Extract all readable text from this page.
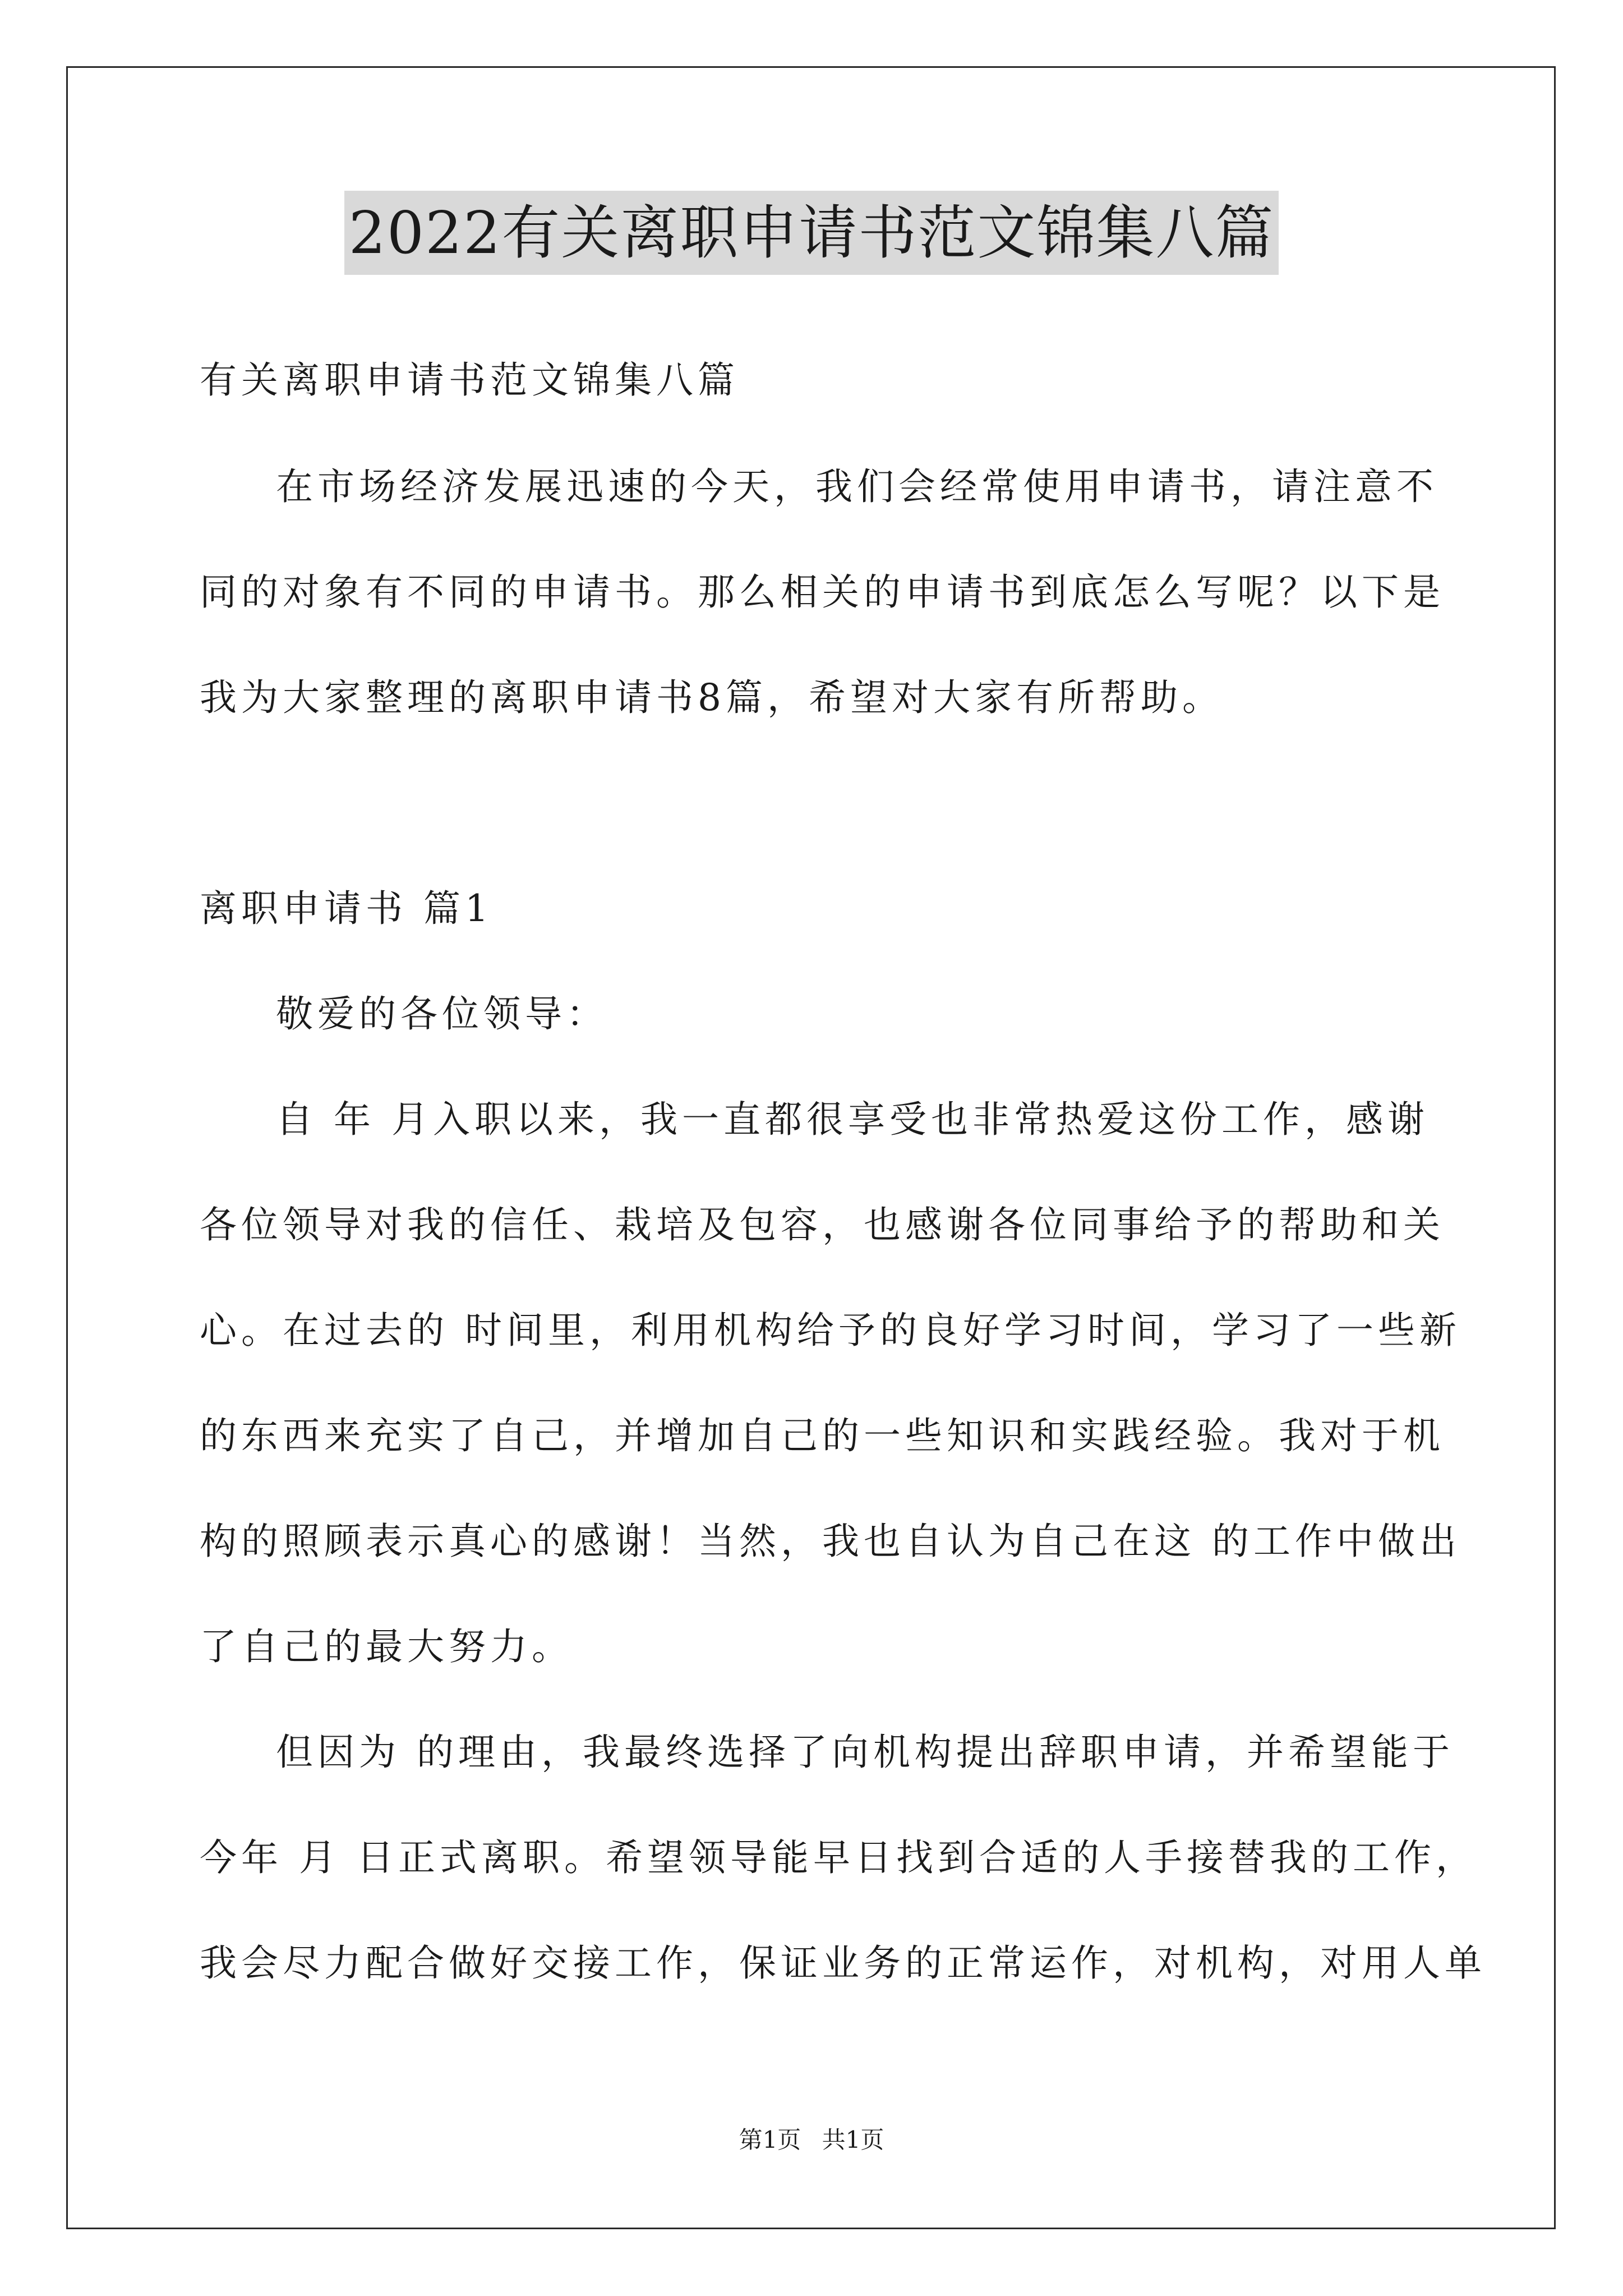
2022有关离职申请书范文锦集八篇
有关离职申请书范文锦集八篇
在市场经济发展迅速的今天，我们会经常使用申请书，请注意不
同的对象有不同的申请书。那么相关的申请书到底怎么写呢？以下是
我为大家整理的离职申请书8篇，希望对大家有所帮助。
离职申请书 篇1
敬爱的各位领导：
自 年 月入职以来，我一直都很享受也非常热爱这份工作，感谢
各位领导对我的信任、栽培及包容，也感谢各位同事给予的帮助和关
心。在过去的 时间里，利用机构给予的良好学习时间，学习了一些新
的东西来充实了自己，并增加自己的一些知识和实践经验。我对于机
构的照顾表示真心的感谢！当然，我也自认为自己在这 的工作中做出
了自己的最大努力。
但因为 的理由，我最终选择了向机构提出辞职申请，并希望能于
今年 月 日正式离职。希望领导能早日找到合适的人手接替我的工作，
我会尽力配合做好交接工作，保证业务的正常运作，对机构，对用人单
第1页 共1页
